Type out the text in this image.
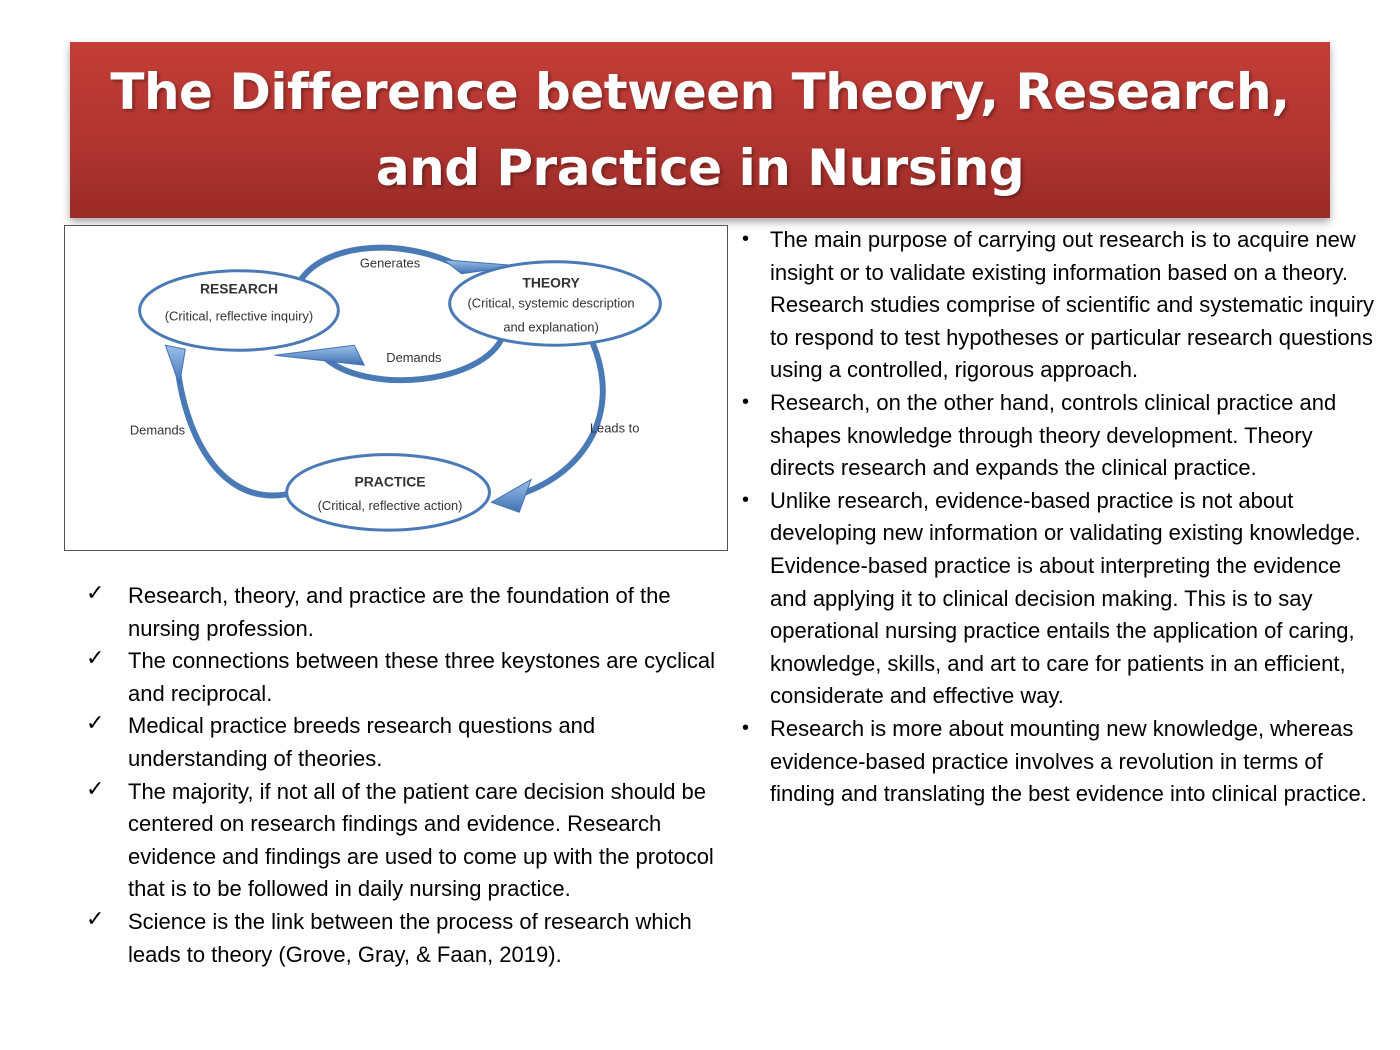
The Difference between Theory, Research, and Practice in Nursing
RESEARCH
(Critical, reflective inquiry)
THEORY
(Critical, systemic description
and explanation)
PRACTICE
(Critical, reflective action)
Generates
Demands
Demands	Leads to
• The main purpose of carrying out research is to acquire new insight or to validate existing information based on a theory. Research studies comprise of scientific and systematic inquiry to respond to test hypotheses or particular research questions using a controlled, rigorous approach.
• Research, on the other hand, controls clinical practice and shapes knowledge through theory development. Theory directs research and expands the clinical practice.
• Unlike research, evidence-based practice is not about developing new information or validating existing knowledge. Evidence-based practice is about interpreting the evidence and applying it to clinical decision making. This is to say operational nursing practice entails the application of caring, knowledge, skills, and art to care for patients in an efficient, considerate and effective way.
• Research is more about mounting new knowledge, whereas evidence-based practice involves a revolution in terms of finding and translating the best evidence into clinical practice.
✓ Research, theory, and practice are the foundation of the nursing profession.
✓ The connections between these three keystones are cyclical and reciprocal.
✓ Medical practice breeds research questions and understanding of theories.
✓ The majority, if not all of the patient care decision should be centered on research findings and evidence. Research evidence and findings are used to come up with the protocol that is to be followed in daily nursing practice.
✓ Science is the link between the process of research which leads to theory (Grove, Gray, & Faan, 2019).
